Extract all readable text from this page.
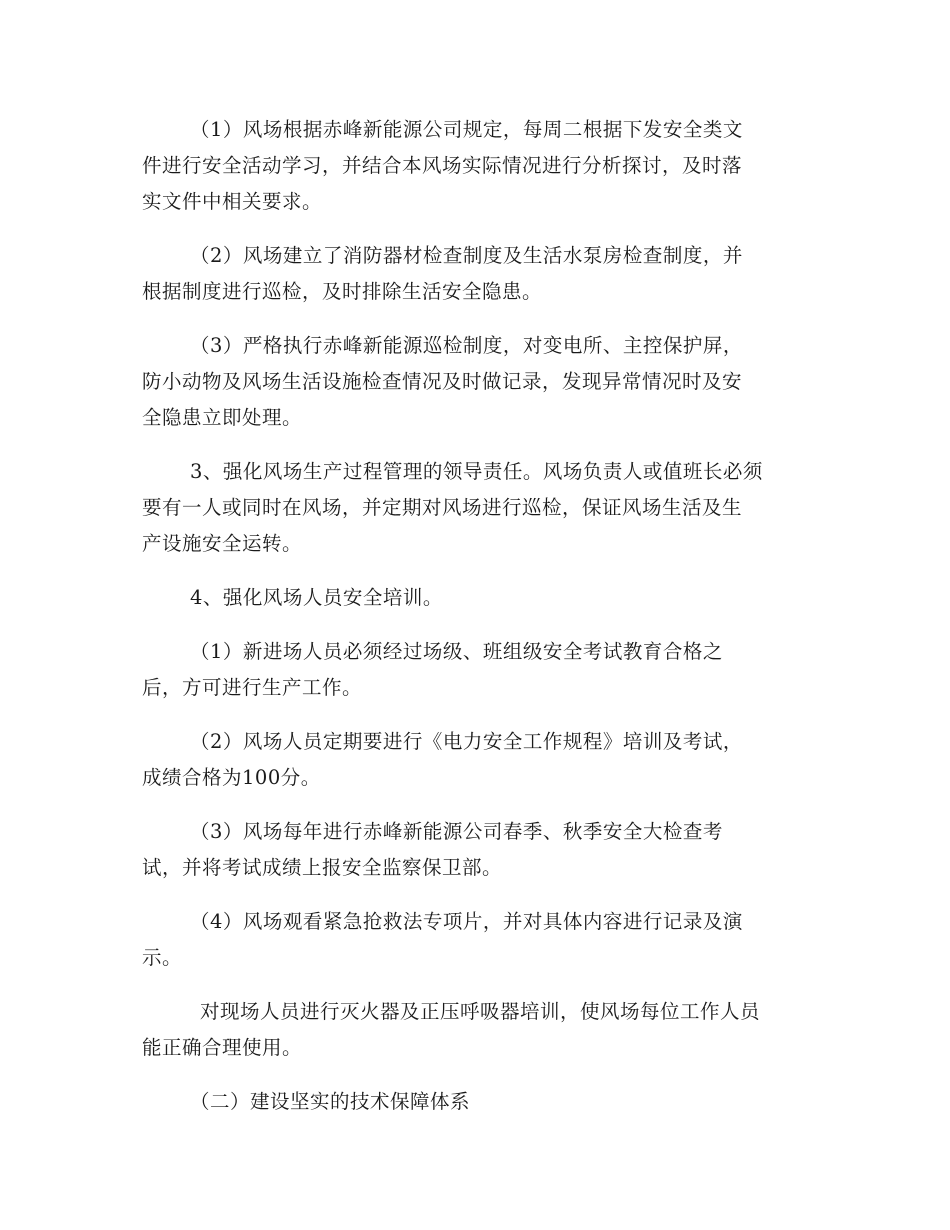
（1）风场根据赤峰新能源公司规定，每周二根据下发安全类文
件进行安全活动学习，并结合本风场实际情况进行分析探讨，及时落
实文件中相关要求。
（2）风场建立了消防器材检查制度及生活水泵房检查制度，并
根据制度进行巡检，及时排除生活安全隐患。
（3）严格执行赤峰新能源巡检制度，对变电所、主控保护屏，
防小动物及风场生活设施检查情况及时做记录，发现异常情况时及安
全隐患立即处理。
3、强化风场生产过程管理的领导责任。风场负责人或值班长必须
要有一人或同时在风场，并定期对风场进行巡检，保证风场生活及生
产设施安全运转。
4、强化风场人员安全培训。
（1）新进场人员必须经过场级、班组级安全考试教育合格之
后，方可进行生产工作。
（2）风场人员定期要进行《电力安全工作规程》培训及考试，
成绩合格为100分。
（3）风场每年进行赤峰新能源公司春季、秋季安全大检查考
试，并将考试成绩上报安全监察保卫部。
（4）风场观看紧急抢救法专项片，并对具体内容进行记录及演
示。
对现场人员进行灭火器及正压呼吸器培训，使风场每位工作人员
能正确合理使用。
（二）建设坚实的技术保障体系
